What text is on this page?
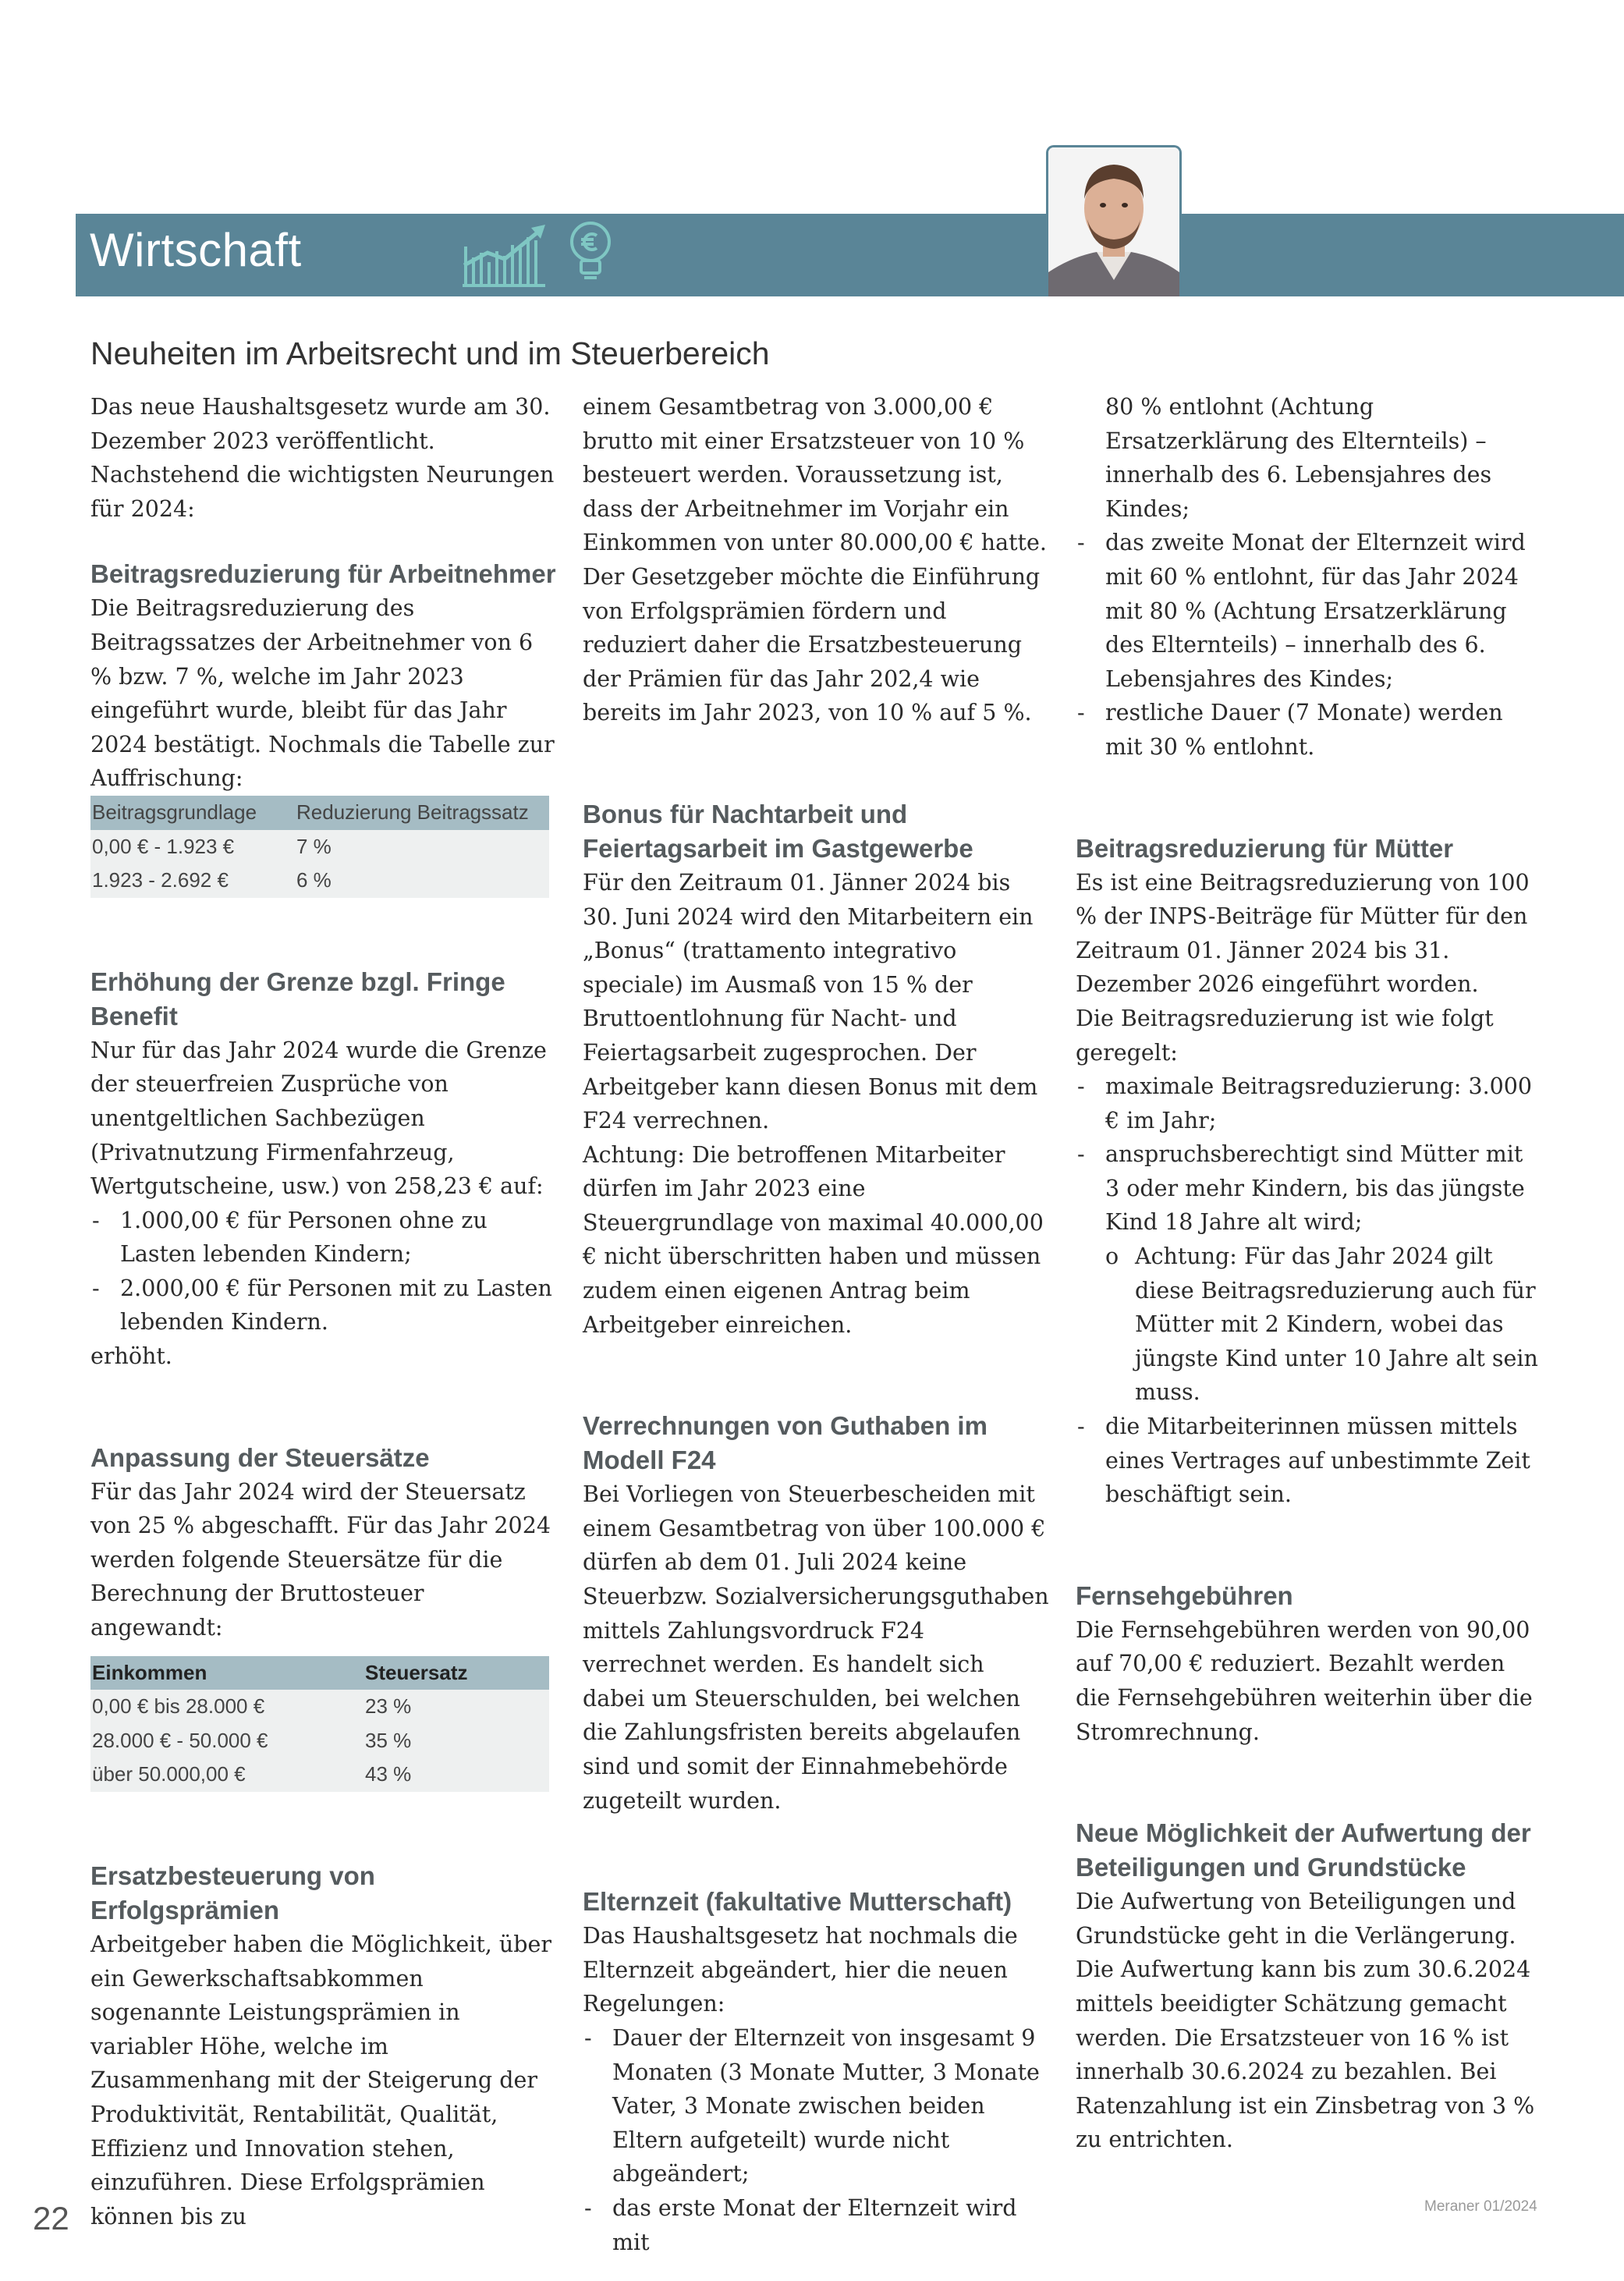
Wirtschaft
Neuheiten im Arbeitsrecht und im Steuerbereich

Das neue Haushaltsgesetz wurde am 30. Dezember 2023 veröffentlicht. Nachstehend die wichtigsten Neurungen für 2024:

Beitragsreduzierung für Arbeitnehmer

Die Beitragsreduzierung des Beitragssatzes der Arbeitnehmer von 6 % bzw. 7 %, welche im Jahr 2023 eingeführt wurde, bleibt für das Jahr 2024 bestätigt. Nochmals die Tabelle zur Auffrischung:

Beitragsgrundlage	Reduzierung Beitragssatz
0,00 € - 1.923 €	7 %
1.923 - 2.692 €	6 %
Erhöhung der Grenze bzgl. Fringe Benefit

Nur für das Jahr 2024 wurde die Grenze der steuerfreien Zusprüche von unentgeltlichen Sachbezügen (Privatnutzung Firmenfahrzeug, Wertgutscheine, usw.) von 258,23 € auf:

- 1.000,00 € für Personen ohne zu Lasten lebenden Kindern;
- 2.000,00 € für Personen mit zu Lasten lebenden Kindern.

erhöht.

Anpassung der Steuersätze

Für das Jahr 2024 wird der Steuersatz von 25 % abgeschafft. Für das Jahr 2024 werden folgende Steuersätze für die Berechnung der Bruttosteuer angewandt:

Einkommen	Steuersatz
0,00 € bis 28.000 €	23 %
28.000 € - 50.000 €	35 %
über 50.000,00 €	43 %
Ersatzbesteuerung von Erfolgsprämien

Arbeitgeber haben die Möglichkeit, über ein Gewerkschaftsabkommen sogenannte Leistungsprämien in variabler Höhe, welche im Zusammenhang mit der Steigerung der Produktivität, Rentabilität, Qualität, Effizienz und Innovation stehen, einzuführen. Diese Erfolgsprämien können bis zu

einem Gesamtbetrag von 3.000,00 € brutto mit einer Ersatzsteuer von 10 % besteuert werden. Voraussetzung ist, dass der Arbeitnehmer im Vorjahr ein Einkommen von unter 80.000,00 € hatte.

Der Gesetzgeber möchte die Einführung von Erfolgsprämien fördern und reduziert daher die Ersatzbesteuerung der Prämien für das Jahr 202,4 wie bereits im Jahr 2023, von 10 % auf 5 %.

Bonus für Nachtarbeit und Feiertagsarbeit im Gastgewerbe

Für den Zeitraum 01. Jänner 2024 bis 30. Juni 2024 wird den Mitarbeitern ein „Bonus“ (trattamento integrativo speciale) im Ausmaß von 15 % der Bruttoentlohnung für Nacht- und Feiertagsarbeit zugesprochen. Der Arbeitgeber kann diesen Bonus mit dem F24 verrechnen.

Achtung: Die betroffenen Mitarbeiter dürfen im Jahr 2023 eine Steuergrundlage von maximal 40.000,00 € nicht überschritten haben und müssen zudem einen eigenen Antrag beim Arbeitgeber einreichen.

Verrechnungen von Guthaben im Modell F24

Bei Vorliegen von Steuerbescheiden mit einem Gesamtbetrag von über 100.000 € dürfen ab dem 01. Juli 2024 keine Steuerbzw. Sozialversicherungsguthaben mittels Zahlungsvordruck F24 verrechnet werden. Es handelt sich dabei um Steuerschulden, bei welchen die Zahlungsfristen bereits abgelaufen sind und somit der Einnahmebehörde zugeteilt wurden.

Elternzeit (fakultative Mutterschaft)

Das Haushaltsgesetz hat nochmals die Elternzeit abgeändert, hier die neuen Regelungen:

- Dauer der Elternzeit von insgesamt 9 Monaten (3 Monate Mutter, 3 Monate Vater, 3 Monate zwischen beiden Eltern aufgeteilt) wurde nicht abgeändert;
- das erste Monat der Elternzeit wird mit

80 % entlohnt (Achtung Ersatzerklärung des Elternteils) – innerhalb des 6. Lebensjahres des Kindes;

- das zweite Monat der Elternzeit wird mit 60 % entlohnt, für das Jahr 2024 mit 80 % (Achtung Ersatzerklärung des Elternteils) – innerhalb des 6. Lebensjahres des Kindes;
- restliche Dauer (7 Monate) werden mit 30 % entlohnt.
Beitragsreduzierung für Mütter

Es ist eine Beitragsreduzierung von 100 % der INPS-Beiträge für Mütter für den Zeitraum 01. Jänner 2024 bis 31. Dezember 2026 eingeführt worden.

Die Beitragsreduzierung ist wie folgt geregelt:

- maximale Beitragsreduzierung: 3.000 € im Jahr;
- anspruchsberechtigt sind Mütter mit 3 oder mehr Kindern, bis das jüngste Kind 18 Jahre alt wird;
o Achtung: Für das Jahr 2024 gilt diese Beitragsreduzierung auch für Mütter mit 2 Kindern, wobei das jüngste Kind unter 10 Jahre alt sein muss.
- die Mitarbeiterinnen müssen mittels eines Vertrages auf unbestimmte Zeit beschäftigt sein.
Fernsehgebühren

Die Fernsehgebühren werden von 90,00 auf 70,00 € reduziert. Bezahlt werden die Fernsehgebühren weiterhin über die Stromrechnung.

Neue Möglichkeit der Aufwertung der Beteiligungen und Grundstücke

Die Aufwertung von Beteiligungen und Grundstücke geht in die Verlängerung. Die Aufwertung kann bis zum 30.6.2024 mittels beeidigter Schätzung gemacht werden. Die Ersatzsteuer von 16 % ist innerhalb 30.6.2024 zu bezahlen. Bei Ratenzahlung ist ein Zinsbetrag von 3 % zu entrichten.

22	Meraner 01/2024
